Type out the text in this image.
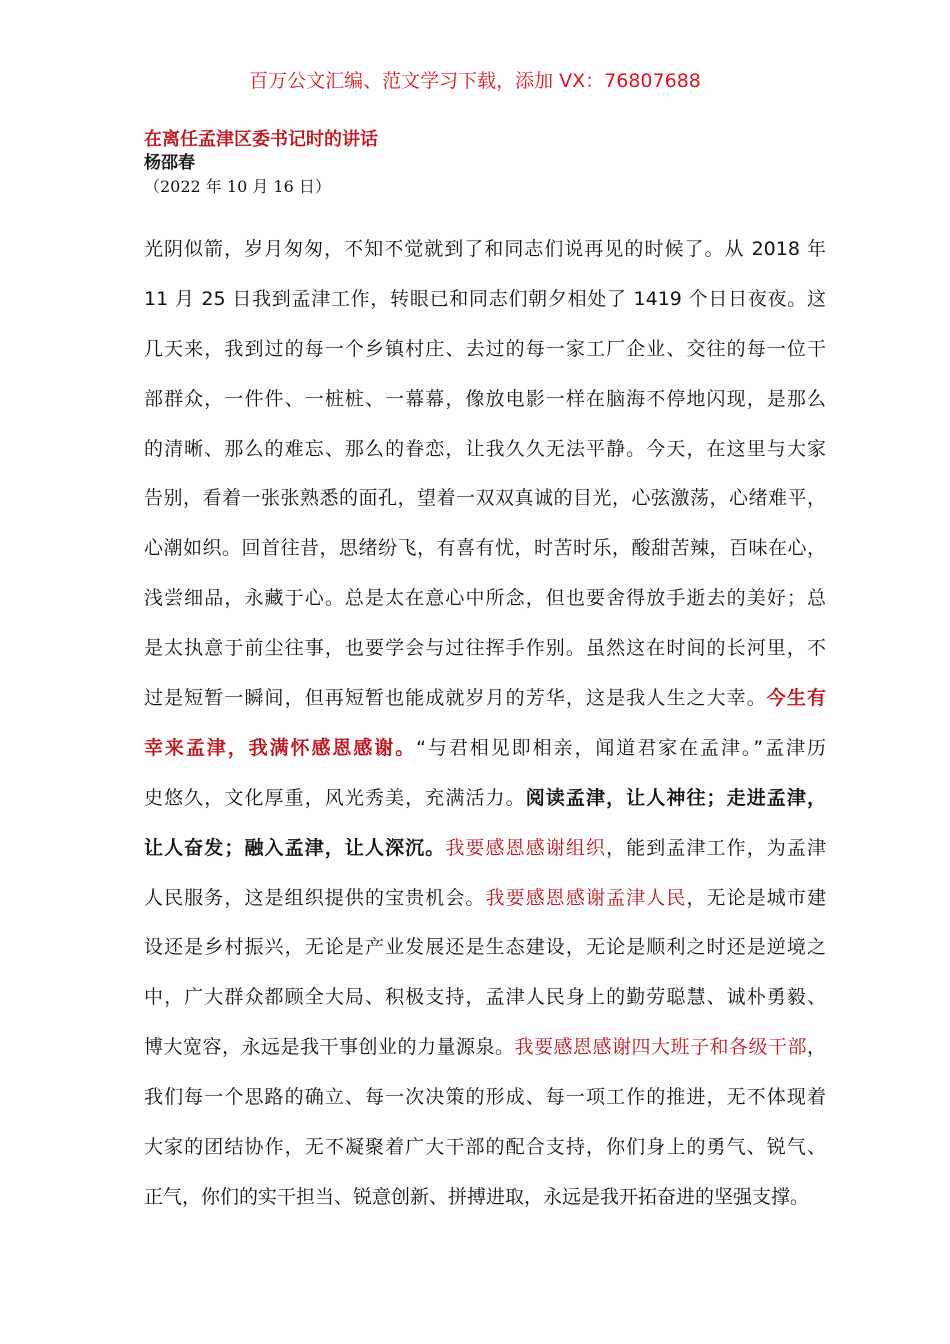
百万公文汇编、范文学习下载，添加 VX：76807688
在离任孟津区委书记时的讲话
杨邵春
（2022 年 10 月 16 日）
光阴似箭，岁月匆匆，不知不觉就到了和同志们说再见的时候了。从 2018 年
11 月 25 日我到孟津工作，转眼已和同志们朝夕相处了 1419 个日日夜夜。这
几天来，我到过的每一个乡镇村庄、去过的每一家工厂企业、交往的每一位干
部群众，一件件、一桩桩、一幕幕，像放电影一样在脑海不停地闪现，是那么
的清晰、那么的难忘、那么的眷恋，让我久久无法平静。今天，在这里与大家
告别，看着一张张熟悉的面孔，望着一双双真诚的目光，心弦激荡，心绪难平，
心潮如织。回首往昔，思绪纷飞，有喜有忧，时苦时乐，酸甜苦辣，百味在心，
浅尝细品，永藏于心。总是太在意心中所念，但也要舍得放手逝去的美好；总
是太执意于前尘往事，也要学会与过往挥手作别。虽然这在时间的长河里，不
过是短暂一瞬间，但再短暂也能成就岁月的芳华，这是我人生之大幸。今生有
幸来孟津，我满怀感恩感谢。“与君相见即相亲，闻道君家在孟津。”孟津历
史悠久，文化厚重，风光秀美，充满活力。阅读孟津，让人神往；走进孟津，
让人奋发；融入孟津，让人深沉。我要感恩感谢组织，能到孟津工作，为孟津
人民服务，这是组织提供的宝贵机会。我要感恩感谢孟津人民，无论是城市建
设还是乡村振兴，无论是产业发展还是生态建设，无论是顺利之时还是逆境之
中，广大群众都顾全大局、积极支持，孟津人民身上的勤劳聪慧、诚朴勇毅、
博大宽容，永远是我干事创业的力量源泉。我要感恩感谢四大班子和各级干部，
我们每一个思路的确立、每一次决策的形成、每一项工作的推进，无不体现着
大家的团结协作，无不凝聚着广大干部的配合支持，你们身上的勇气、锐气、
正气，你们的实干担当、锐意创新、拼搏进取，永远是我开拓奋进的坚强支撑。
